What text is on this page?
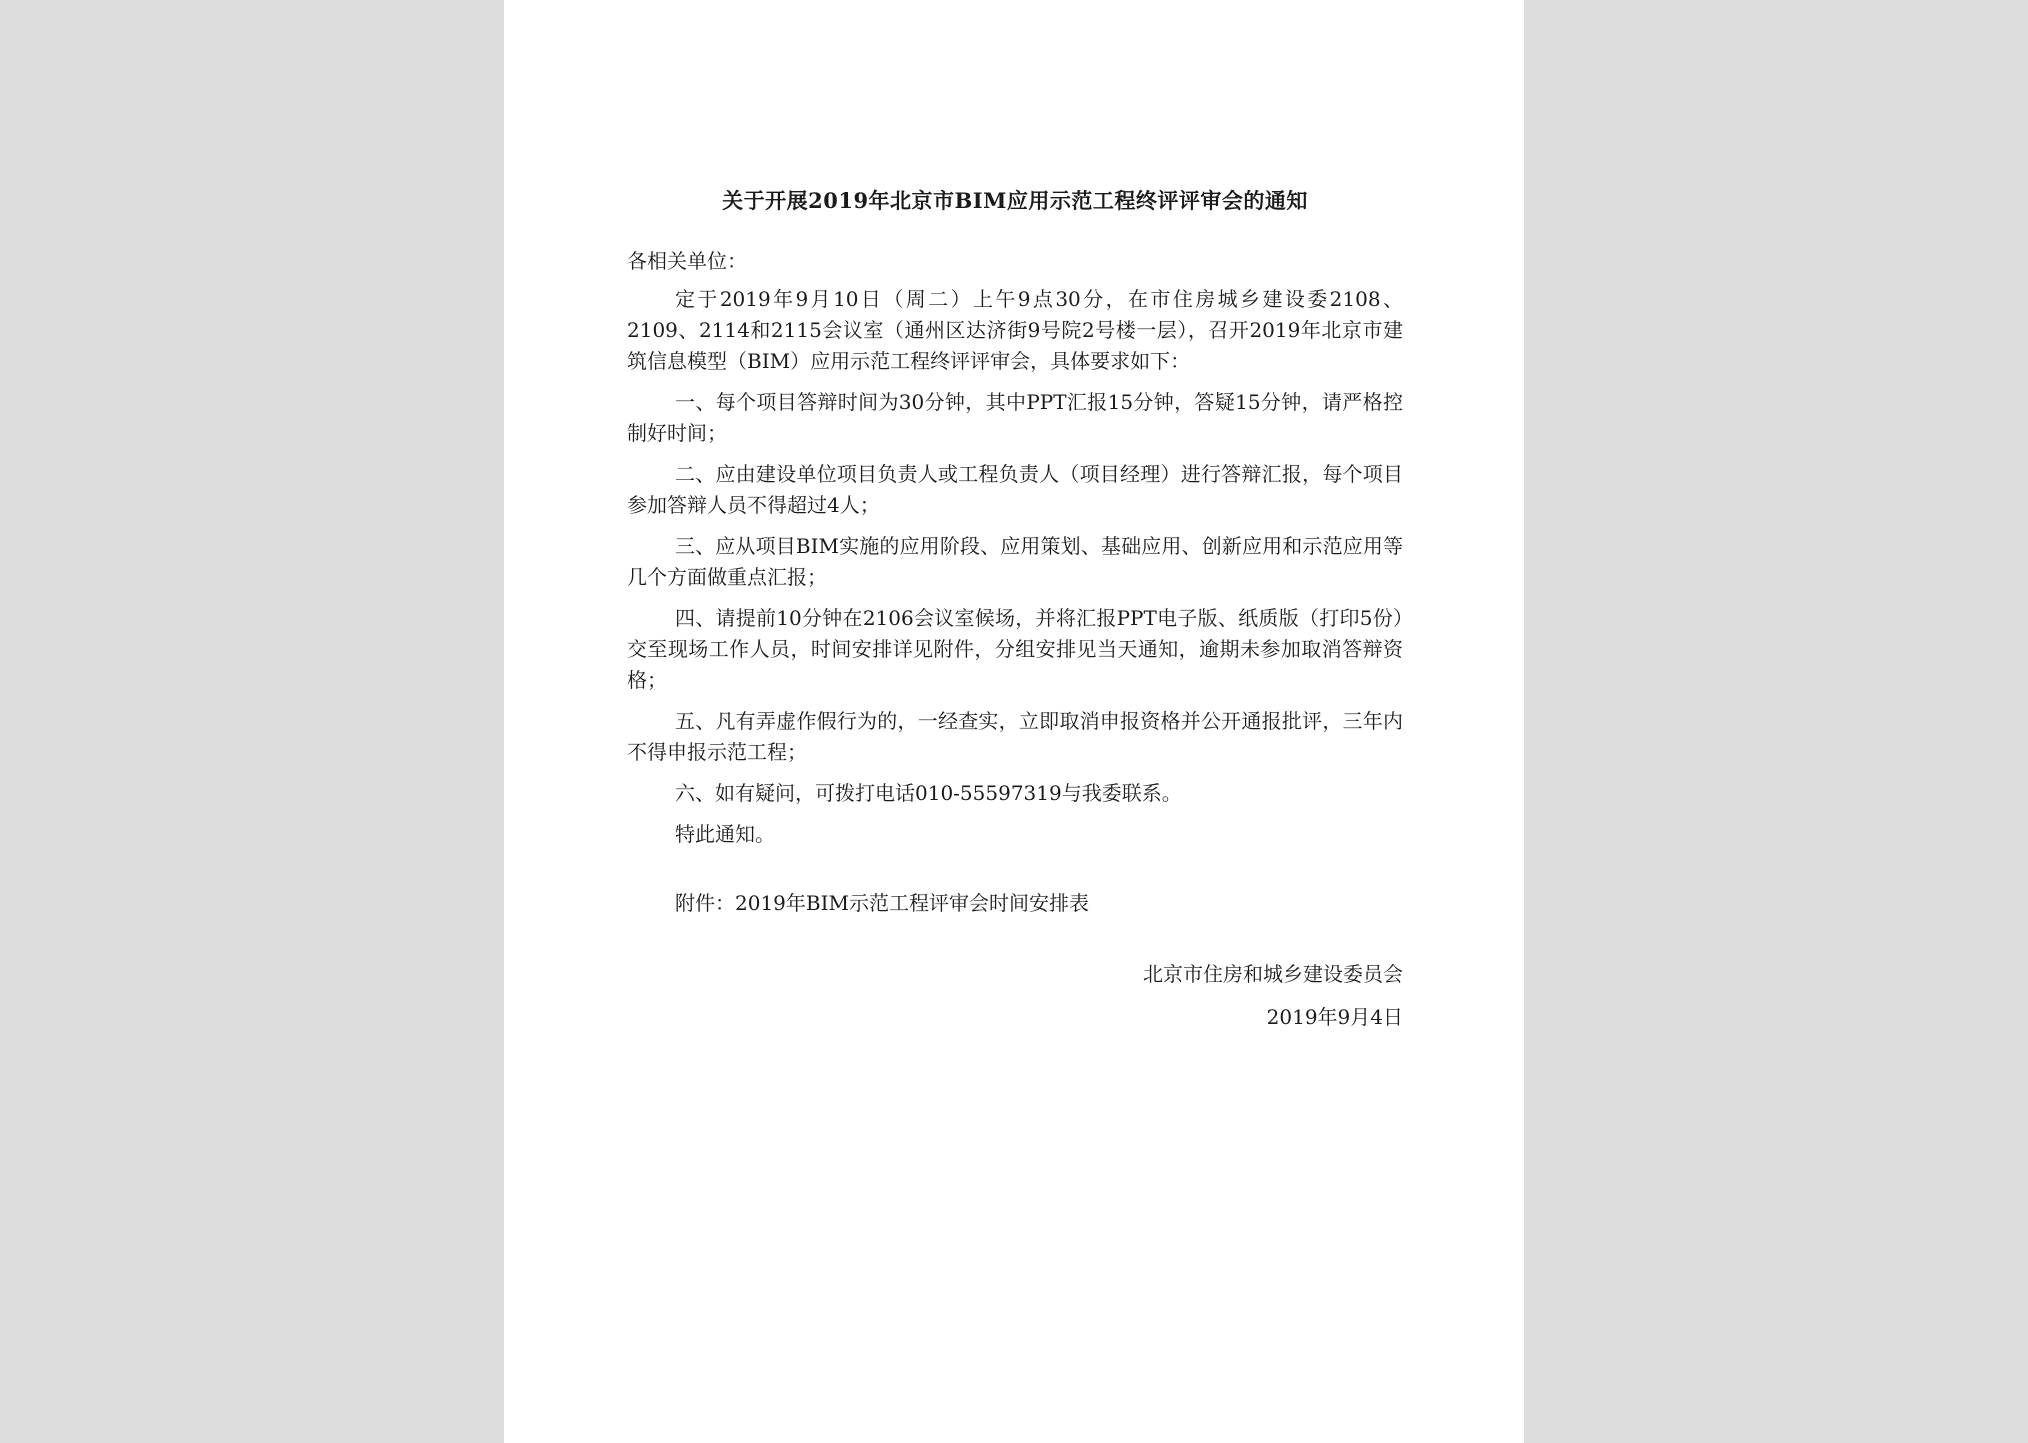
关于开展2019年北京市BIM应用示范工程终评评审会的通知
各相关单位：
定于2019年9月10日（周二）上午9点30分，在市住房城乡建设委2108、2109、2114和2115会议室（通州区达济街9号院2号楼一层），召开2019年北京市建筑信息模型（BIM）应用示范工程终评评审会，具体要求如下：
一、每个项目答辩时间为30分钟，其中PPT汇报15分钟，答疑15分钟，请严格控制好时间；
二、应由建设单位项目负责人或工程负责人（项目经理）进行答辩汇报，每个项目参加答辩人员不得超过4人；
三、应从项目BIM实施的应用阶段、应用策划、基础应用、创新应用和示范应用等几个方面做重点汇报；
四、请提前10分钟在2106会议室候场，并将汇报PPT电子版、纸质版（打印5份）交至现场工作人员，时间安排详见附件，分组安排见当天通知，逾期未参加取消答辩资格；
五、凡有弄虚作假行为的，一经查实，立即取消申报资格并公开通报批评，三年内不得申报示范工程；
六、如有疑问，可拨打电话010-55597319与我委联系。
特此通知。
附件：2019年BIM示范工程评审会时间安排表
北京市住房和城乡建设委员会
2019年9月4日
